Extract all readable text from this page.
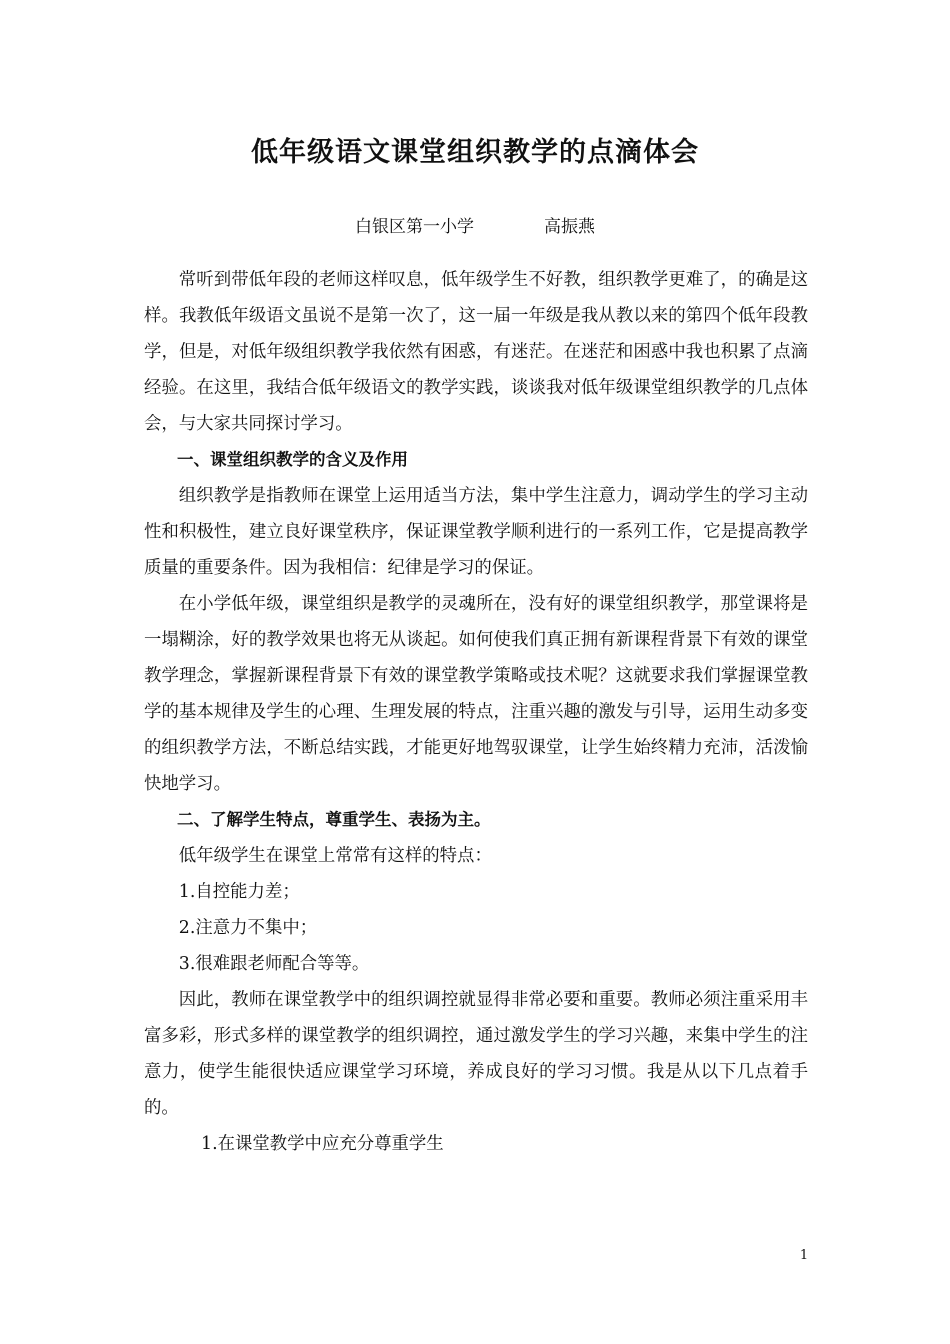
低年级语文课堂组织教学的点滴体会
白银区第一小学	高振燕

常听到带低年段的老师这样叹息，低年级学生不好教，组织教学更难了，的确是这样。我教低年级语文虽说不是第一次了，这一届一年级是我从教以来的第四个低年段教学，但是，对低年级组织教学我依然有困惑，有迷茫。在迷茫和困惑中我也积累了点滴经验。在这里，我结合低年级语文的教学实践，谈谈我对低年级课堂组织教学的几点体会，与大家共同探讨学习。

一、课堂组织教学的含义及作用

组织教学是指教师在课堂上运用适当方法，集中学生注意力，调动学生的学习主动性和积极性，建立良好课堂秩序，保证课堂教学顺利进行的一系列工作，它是提高教学质量的重要条件。因为我相信：纪律是学习的保证。

在小学低年级，课堂组织是教学的灵魂所在，没有好的课堂组织教学，那堂课将是一塌糊涂，好的教学效果也将无从谈起。如何使我们真正拥有新课程背景下有效的课堂教学理念，掌握新课程背景下有效的课堂教学策略或技术呢？这就要求我们掌握课堂教学的基本规律及学生的心理、生理发展的特点，注重兴趣的激发与引导，运用生动多变的组织教学方法，不断总结实践，才能更好地驾驭课堂，让学生始终精力充沛，活泼愉快地学习。

二、了解学生特点，尊重学生、表扬为主。

低年级学生在课堂上常常有这样的特点：

1.自控能力差；

2.注意力不集中；

3.很难跟老师配合等等。

因此，教师在课堂教学中的组织调控就显得非常必要和重要。教师必须注重采用丰富多彩，形式多样的课堂教学的组织调控，通过激发学生的学习兴趣，来集中学生的注意力，使学生能很快适应课堂学习环境，养成良好的学习习惯。我是从以下几点着手的。

1.在课堂教学中应充分尊重学生

1
